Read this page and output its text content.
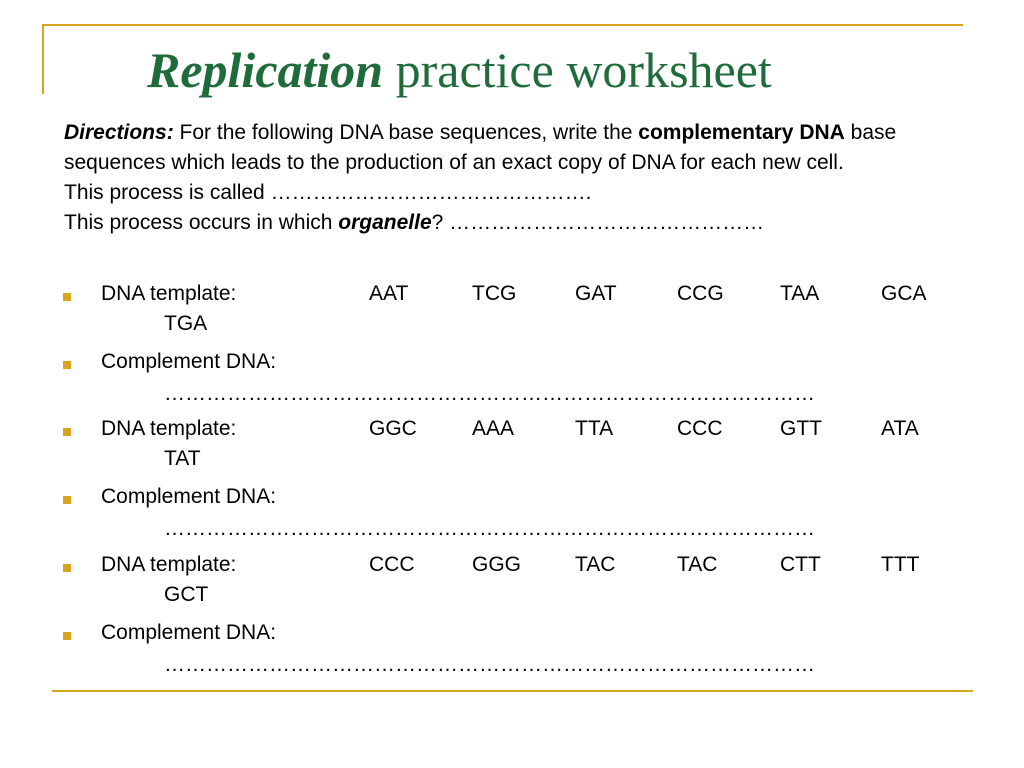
Replication practice worksheet

Directions: For the following DNA base sequences, write the complementary DNA base sequences which leads to the production of an exact copy of DNA for each new cell.

This process is called ……………………………………….

This process occurs in which organelle? ………………………………………

DNA template:	AAT	TCG	GAT	CCG	TAA	GCA
TGA
Complement DNA:
…………………………………………………………………………………
DNA template:	GGC	AAA	TTA	CCC	GTT	ATA
TAT
Complement DNA:
…………………………………………………………………………………
DNA template:	CCC	GGG	TAC	TAC	CTT	TTT
GCT
Complement DNA:
…………………………………………………………………………………
